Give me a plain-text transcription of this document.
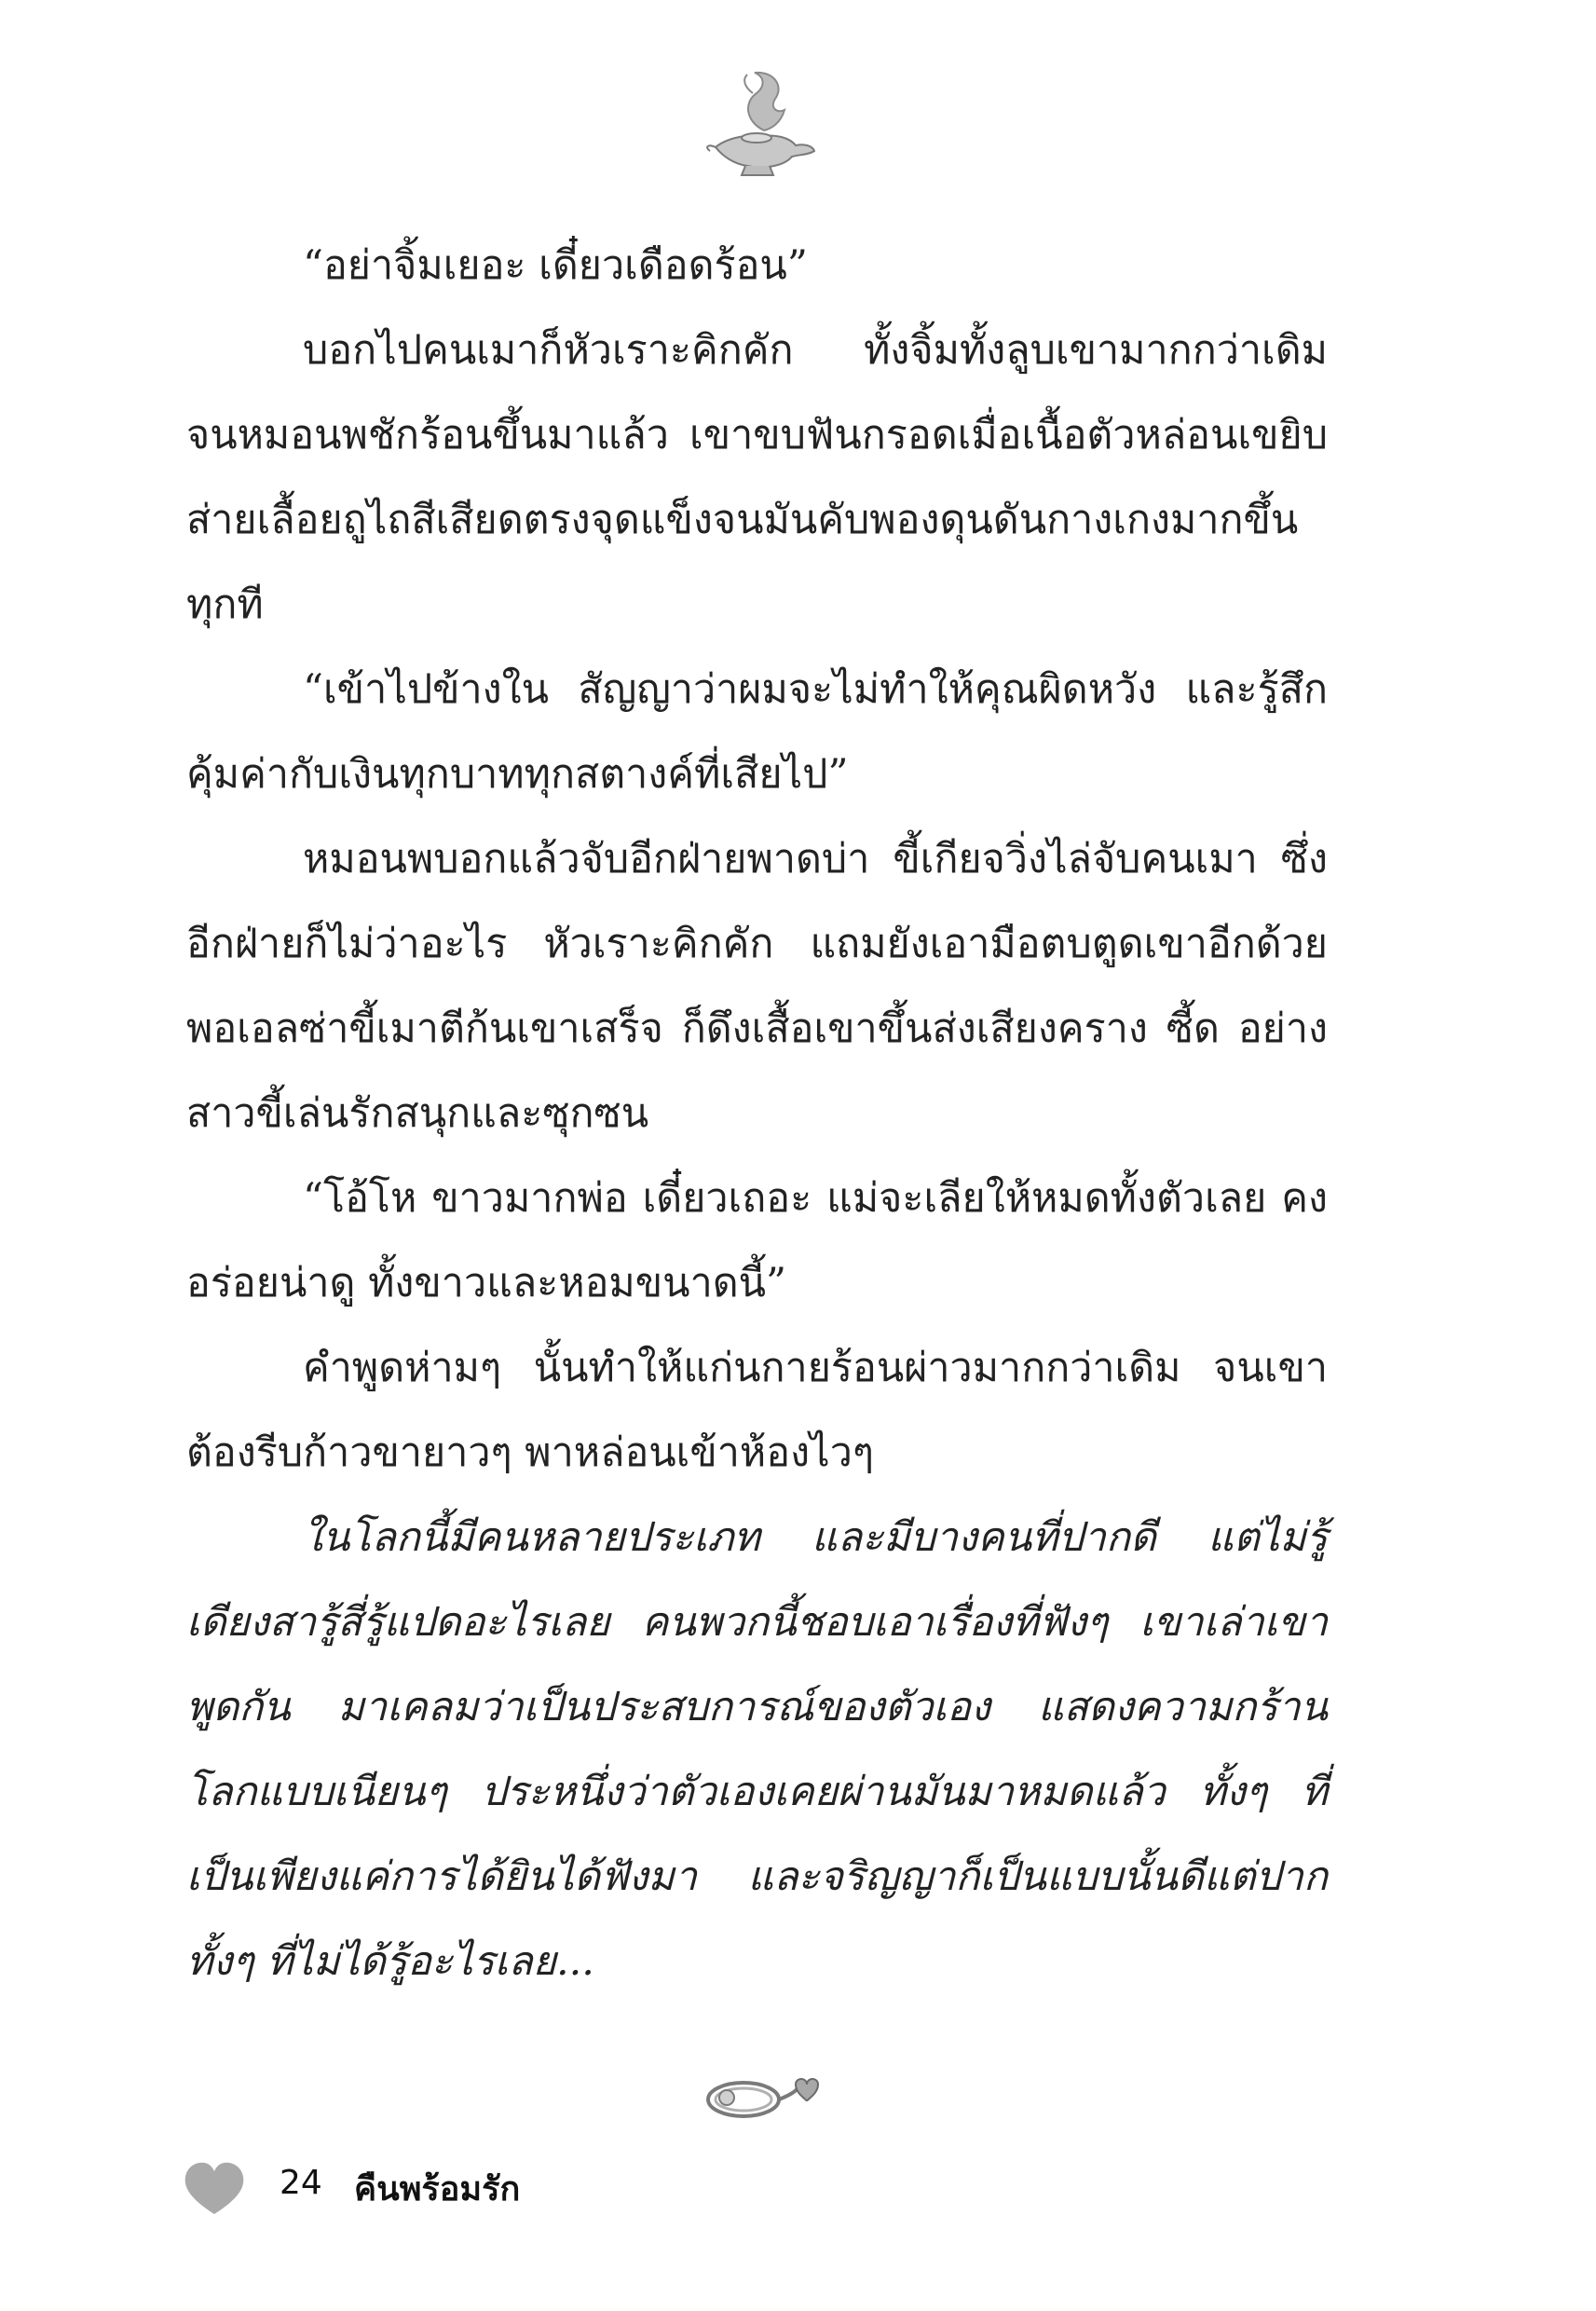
“อย่าจิ้มเยอะ เดี๋ยวเดือดร้อน”

บอกไปคนเมาก็หัวเราะคิกคัก ทั้งจิ้มทั้งลูบเขามากกว่าเดิม จนหมอนพชักร้อนขึ้นมาแล้ว เขาขบฟันกรอดเมื่อเนื้อตัวหล่อนเขยิบส่ายเลื้อยถูไถสีเสียดตรงจุดแข็งจนมันคับพองดุนดันกางเกงมากขึ้นทุกที

“เข้าไปข้างใน สัญญาว่าผมจะไม่ทำให้คุณผิดหวัง และรู้สึกคุ้มค่ากับเงินทุกบาททุกสตางค์ที่เสียไป”

หมอนพบอกแล้วจับอีกฝ่ายพาดบ่า ขี้เกียจวิ่งไล่จับคนเมา ซึ่งอีกฝ่ายก็ไม่ว่าอะไร หัวเราะคิกคัก แถมยังเอามือตบตูดเขาอีกด้วย พอเอลซ่าขี้เมาตีก้นเขาเสร็จ ก็ดึงเสื้อเขาขึ้นส่งเสียงคราง ซี้ด อย่างสาวขี้เล่นรักสนุกและซุกซน

“โอ้โห ขาวมากพ่อ เดี๋ยวเถอะ แม่จะเลียให้หมดทั้งตัวเลย คงอร่อยน่าดู ทั้งขาวและหอมขนาดนี้”

คำพูดห่ามๆ นั้นทำให้แก่นกายร้อนผ่าวมากกว่าเดิม จนเขาต้องรีบก้าวขายาวๆ พาหล่อนเข้าห้องไวๆ

ในโลกนี้มีคนหลายประเภท และมีบางคนที่ปากดี แต่ไม่รู้เดียงสารู้สี่รู้แปดอะไรเลย คนพวกนี้ชอบเอาเรื่องที่ฟังๆ เขาเล่าเขาพูดกัน มาเคลมว่าเป็นประสบการณ์ของตัวเอง แสดงความกร้านโลกแบบเนียนๆ ประหนึ่งว่าตัวเองเคยผ่านมันมาหมดแล้ว ทั้งๆ ที่เป็นเพียงแค่การได้ยินได้ฟังมา และจริญญาก็เป็นแบบนั้นดีแต่ปาก ทั้งๆ ที่ไม่ได้รู้อะไรเลย...

24 คืนพร้อมรัก
